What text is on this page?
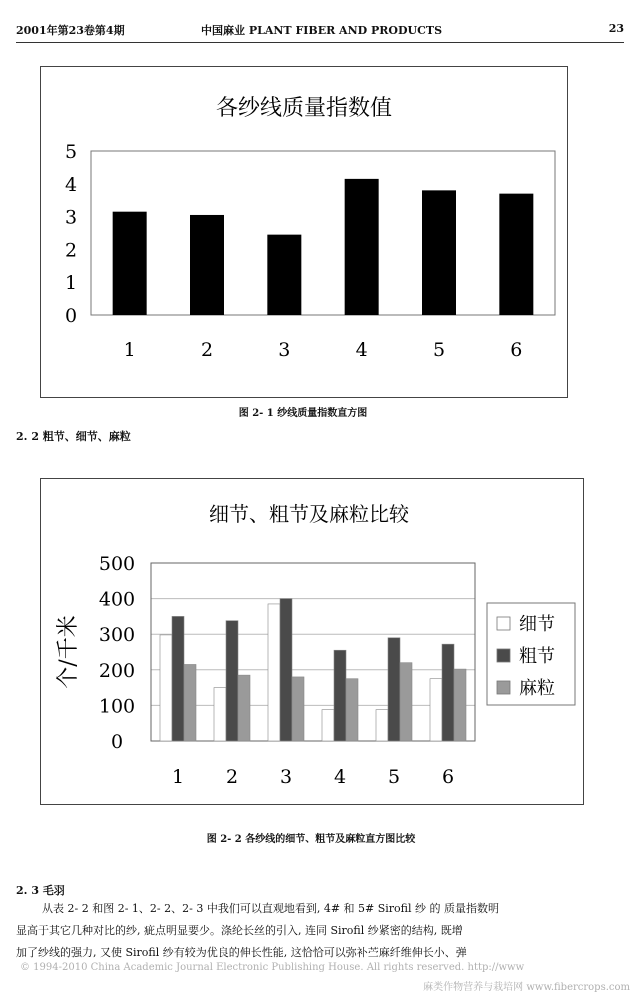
2001年第23卷第4期	中国麻业 PLANT FIBER AND PRODUCTS	23
各纱线质量指数值
0
1
2
3
4
5
1	2	3	4	5	6
图 2- 1 纱线质量指数直方图
2. 2 粗节、细节、麻粒
细节、粗节及麻粒比较
0
100
200
300
400
500
个/千米
1 2 3 4 5 6
细节
粗节
麻粒
图 2- 2 各纱线的细节、粗节及麻粒直方图比较
2. 3 毛羽
从表 2- 2 和图 2- 1、2- 2、2- 3 中我们可以直观地看到, 4# 和 5# Sirofil 纱 的 质量指数明
显高于其它几种对比的纱, 疵点明显要少。涤纶长丝的引入, 连同 Sirofil 纱紧密的结构, 既增
加了纱线的强力, 又使 Sirofil 纱有较为优良的伸长性能, 这恰恰可以弥补苎麻纤维伸长小、弹
© 1994-2010 China Academic Journal Electronic Publishing House. All rights reserved. http://www
麻类作物营养与栽培网 www.fibercrops.com
